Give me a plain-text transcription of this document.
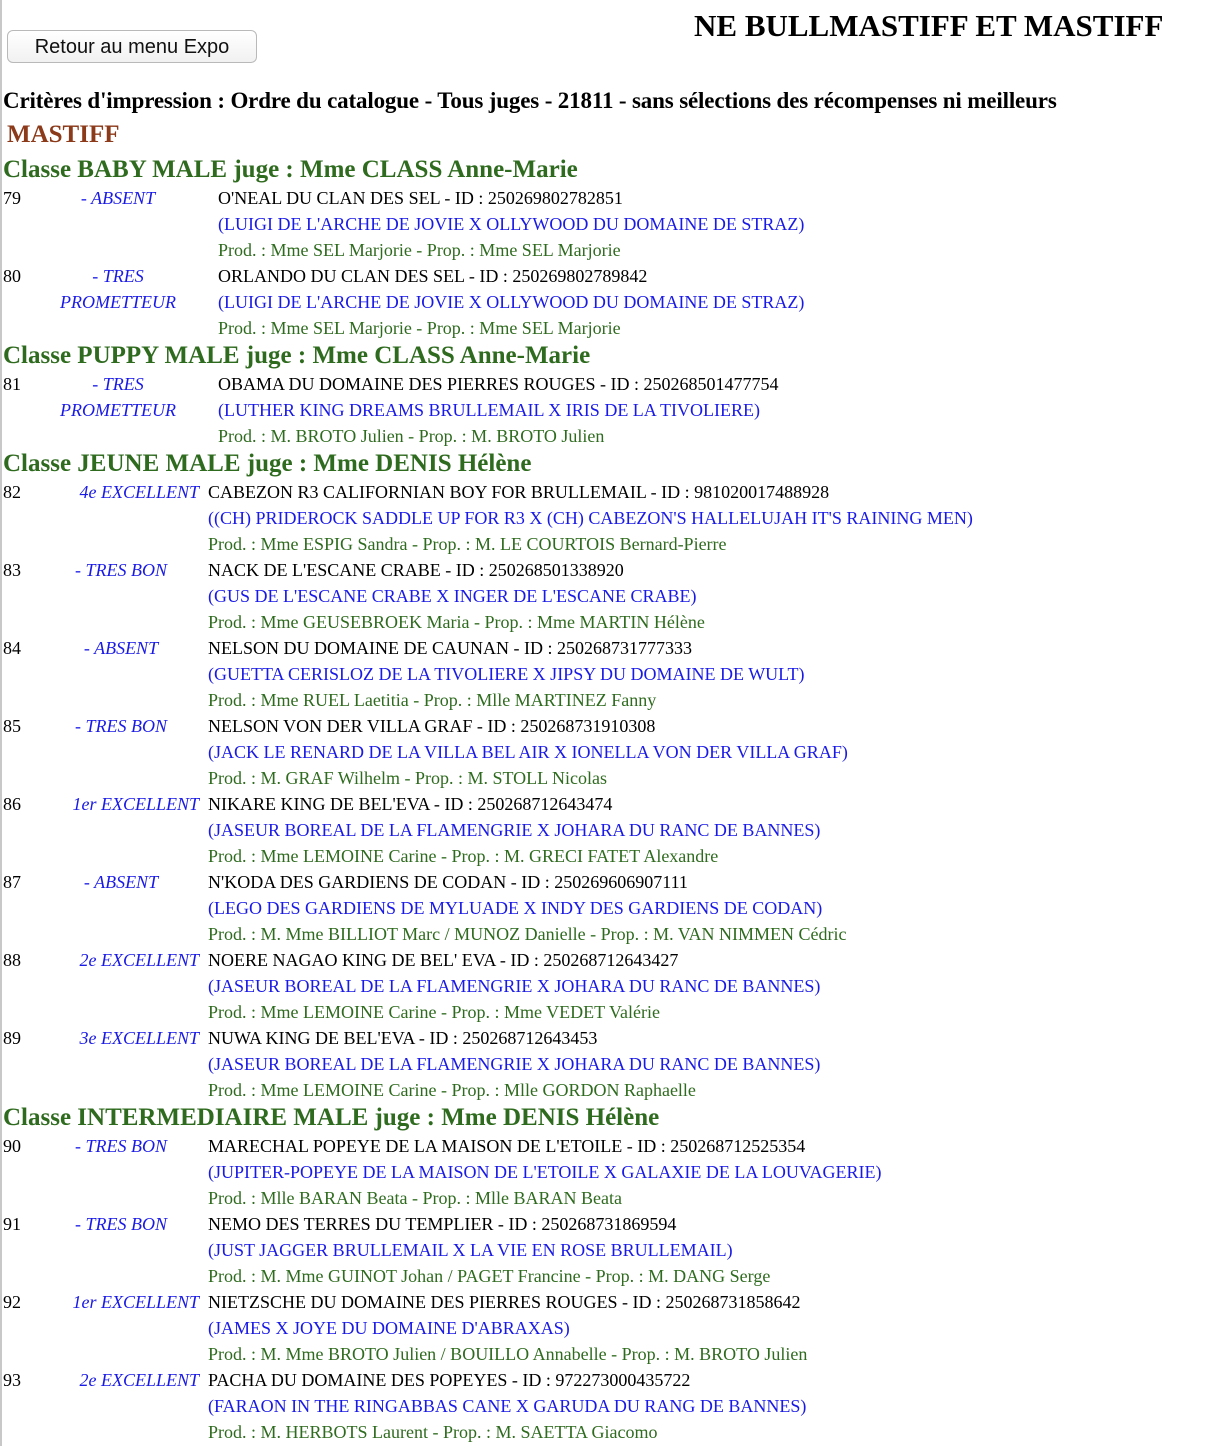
Retour au menu Expo
NE BULLMASTIFF ET MASTIFF
Critères d'impression : Ordre du catalogue - Tous juges - 21811 - sans sélections des récompenses ni meilleurs
MASTIFF
Classe BABY MALE juge : Mme CLASS Anne-Marie
79	- ABSENT	O'NEAL DU CLAN DES SEL - ID : 250269802782851
(LUIGI DE L'ARCHE DE JOVIE X OLLYWOOD DU DOMAINE DE STRAZ)
Prod. : Mme SEL Marjorie - Prop. : Mme SEL Marjorie
80	- TRES PROMETTEUR
ORLANDO DU CLAN DES SEL - ID : 250269802789842
(LUIGI DE L'ARCHE DE JOVIE X OLLYWOOD DU DOMAINE DE STRAZ)
Prod. : Mme SEL Marjorie - Prop. : Mme SEL Marjorie
Classe PUPPY MALE juge : Mme CLASS Anne-Marie
81	- TRES PROMETTEUR
OBAMA DU DOMAINE DES PIERRES ROUGES - ID : 250268501477754
(LUTHER KING DREAMS BRULLEMAIL X IRIS DE LA TIVOLIERE)
Prod. : M. BROTO Julien - Prop. : M. BROTO Julien
Classe JEUNE MALE juge : Mme DENIS Hélène
82	4e EXCELLENT CABEZON R3 CALIFORNIAN BOY FOR BRULLEMAIL - ID : 981020017488928
((CH) PRIDEROCK SADDLE UP FOR R3 X (CH) CABEZON'S HALLELUJAH IT'S RAINING MEN)
Prod. : Mme ESPIG Sandra - Prop. : M. LE COURTOIS Bernard-Pierre
83	- TRES BON	NACK DE L'ESCANE CRABE - ID : 250268501338920
(GUS DE L'ESCANE CRABE X INGER DE L'ESCANE CRABE)
Prod. : Mme GEUSEBROEK Maria - Prop. : Mme MARTIN Hélène
84	- ABSENT	NELSON DU DOMAINE DE CAUNAN - ID : 250268731777333
(GUETTA CERISLOZ DE LA TIVOLIERE X JIPSY DU DOMAINE DE WULT)
Prod. : Mme RUEL Laetitia - Prop. : Mlle MARTINEZ Fanny
85	- TRES BON	NELSON VON DER VILLA GRAF - ID : 250268731910308
(JACK LE RENARD DE LA VILLA BEL AIR X IONELLA VON DER VILLA GRAF)
Prod. : M. GRAF Wilhelm - Prop. : M. STOLL Nicolas
86	1er EXCELLENT NIKARE KING DE BEL'EVA - ID : 250268712643474
(JASEUR BOREAL DE LA FLAMENGRIE X JOHARA DU RANC DE BANNES)
Prod. : Mme LEMOINE Carine - Prop. : M. GRECI FATET Alexandre
87	- ABSENT	N'KODA DES GARDIENS DE CODAN - ID : 250269606907111
(LEGO DES GARDIENS DE MYLUADE X INDY DES GARDIENS DE CODAN)
Prod. : M. Mme BILLIOT Marc / MUNOZ Danielle - Prop. : M. VAN NIMMEN Cédric
88	2e EXCELLENT NOERE NAGAO KING DE BEL' EVA - ID : 250268712643427
(JASEUR BOREAL DE LA FLAMENGRIE X JOHARA DU RANC DE BANNES)
Prod. : Mme LEMOINE Carine - Prop. : Mme VEDET Valérie
89	3e EXCELLENT NUWA KING DE BEL'EVA - ID : 250268712643453
(JASEUR BOREAL DE LA FLAMENGRIE X JOHARA DU RANC DE BANNES)
Prod. : Mme LEMOINE Carine - Prop. : Mlle GORDON Raphaelle
Classe INTERMEDIAIRE MALE juge : Mme DENIS Hélène
90	- TRES BON	MARECHAL POPEYE DE LA MAISON DE L'ETOILE - ID : 250268712525354
(JUPITER-POPEYE DE LA MAISON DE L'ETOILE X GALAXIE DE LA LOUVAGERIE)
Prod. : Mlle BARAN Beata - Prop. : Mlle BARAN Beata
91	- TRES BON	NEMO DES TERRES DU TEMPLIER - ID : 250268731869594
(JUST JAGGER BRULLEMAIL X LA VIE EN ROSE BRULLEMAIL)
Prod. : M. Mme GUINOT Johan / PAGET Francine - Prop. : M. DANG Serge
92	1er EXCELLENT NIETZSCHE DU DOMAINE DES PIERRES ROUGES - ID : 250268731858642
(JAMES X JOYE DU DOMAINE D'ABRAXAS)
Prod. : M. Mme BROTO Julien / BOUILLO Annabelle - Prop. : M. BROTO Julien
93	2e EXCELLENT PACHA DU DOMAINE DES POPEYES - ID : 972273000435722
(FARAON IN THE RINGABBAS CANE X GARUDA DU RANG DE BANNES)
Prod. : M. HERBOTS Laurent - Prop. : M. SAETTA Giacomo
